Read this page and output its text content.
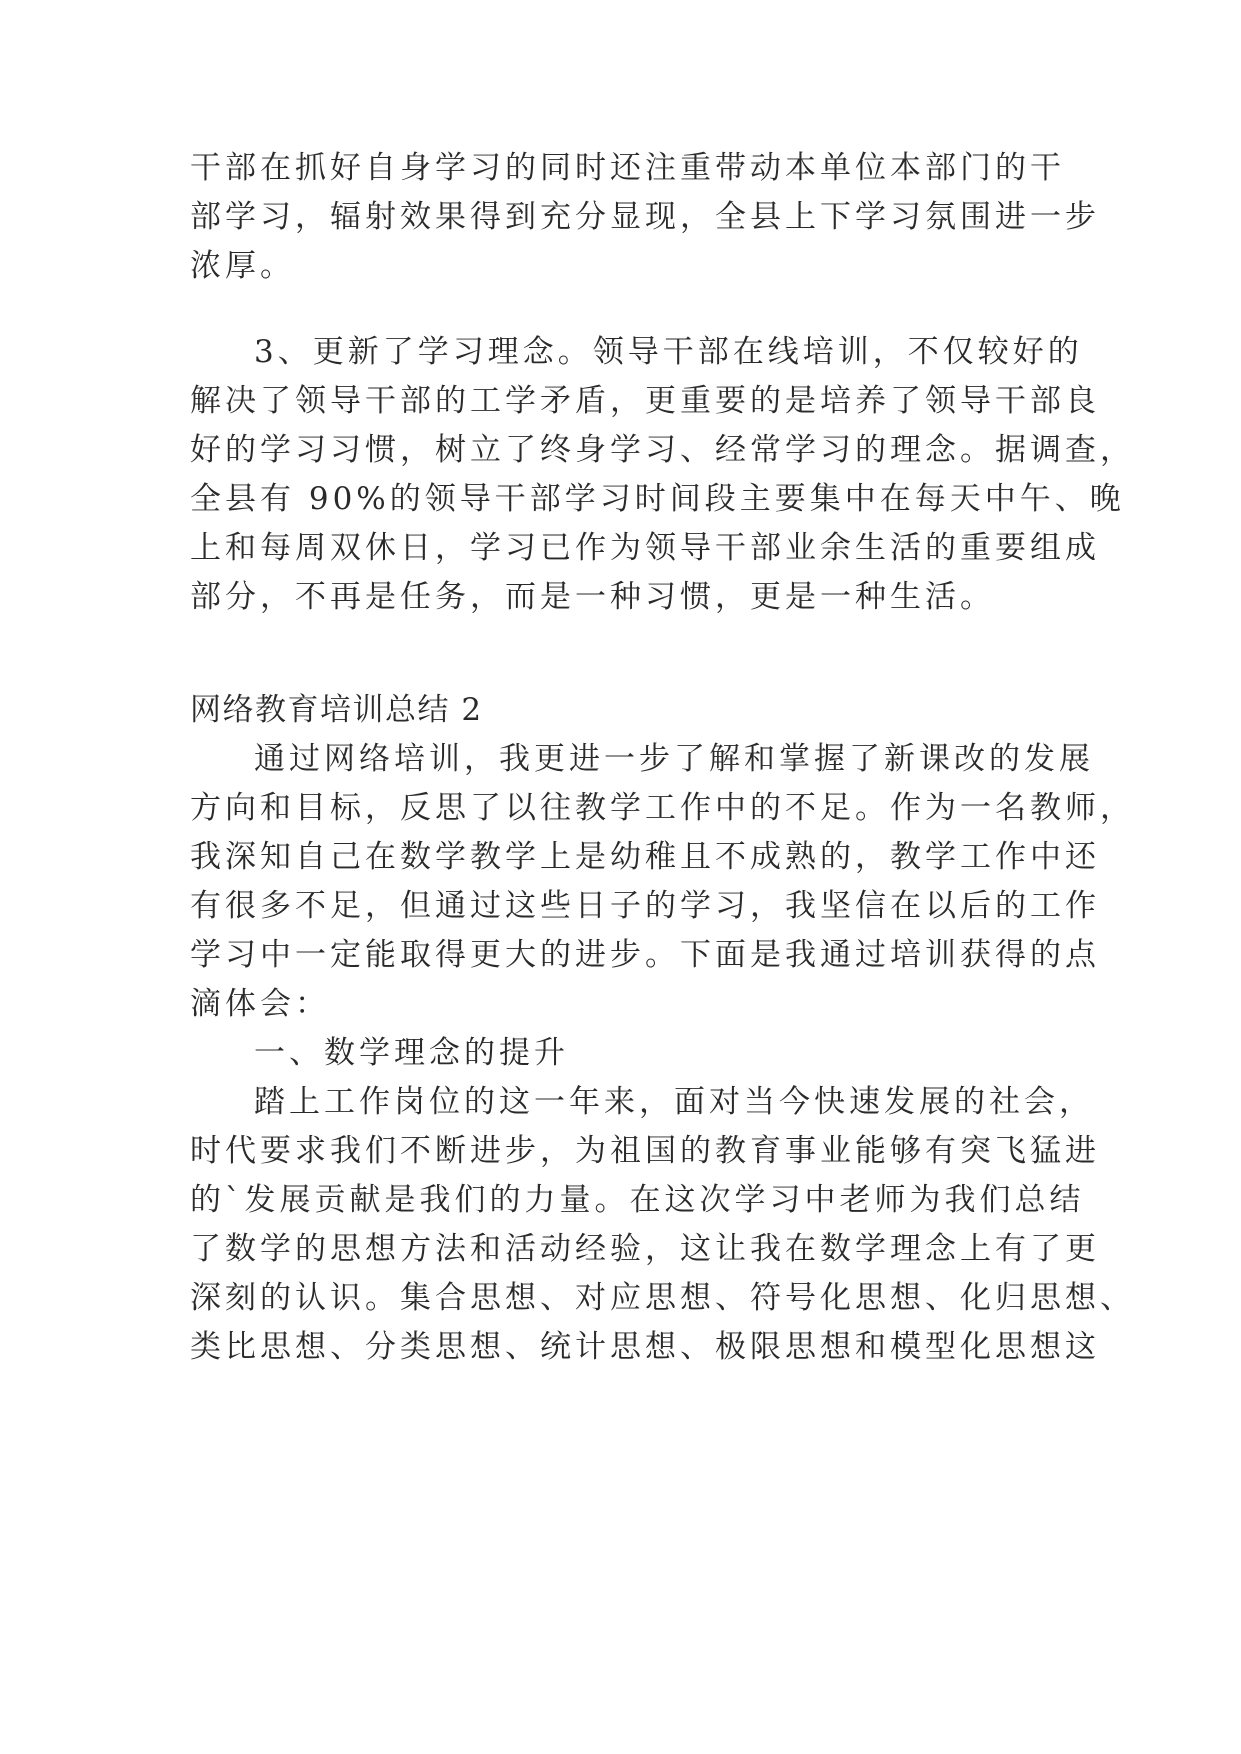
干部在抓好自身学习的同时还注重带动本单位本部门的干
部学习，辐射效果得到充分显现，全县上下学习氛围进一步
浓厚。
3、更新了学习理念。领导干部在线培训，不仅较好的
解决了领导干部的工学矛盾，更重要的是培养了领导干部良
好的学习习惯，树立了终身学习、经常学习的理念。据调查，
全县有 90%的领导干部学习时间段主要集中在每天中午、晚
上和每周双休日，学习已作为领导干部业余生活的重要组成
部分，不再是任务，而是一种习惯，更是一种生活。
网络教育培训总结 2
通过网络培训，我更进一步了解和掌握了新课改的发展
方向和目标，反思了以往教学工作中的不足。作为一名教师，
我深知自己在数学教学上是幼稚且不成熟的，教学工作中还
有很多不足，但通过这些日子的学习，我坚信在以后的工作
学习中一定能取得更大的进步。下面是我通过培训获得的点
滴体会：
一、数学理念的提升
踏上工作岗位的这一年来，面对当今快速发展的社会，
时代要求我们不断进步，为祖国的教育事业能够有突飞猛进
的`发展贡献是我们的力量。在这次学习中老师为我们总结
了数学的思想方法和活动经验，这让我在数学理念上有了更
深刻的认识。集合思想、对应思想、符号化思想、化归思想、
类比思想、分类思想、统计思想、极限思想和模型化思想这
